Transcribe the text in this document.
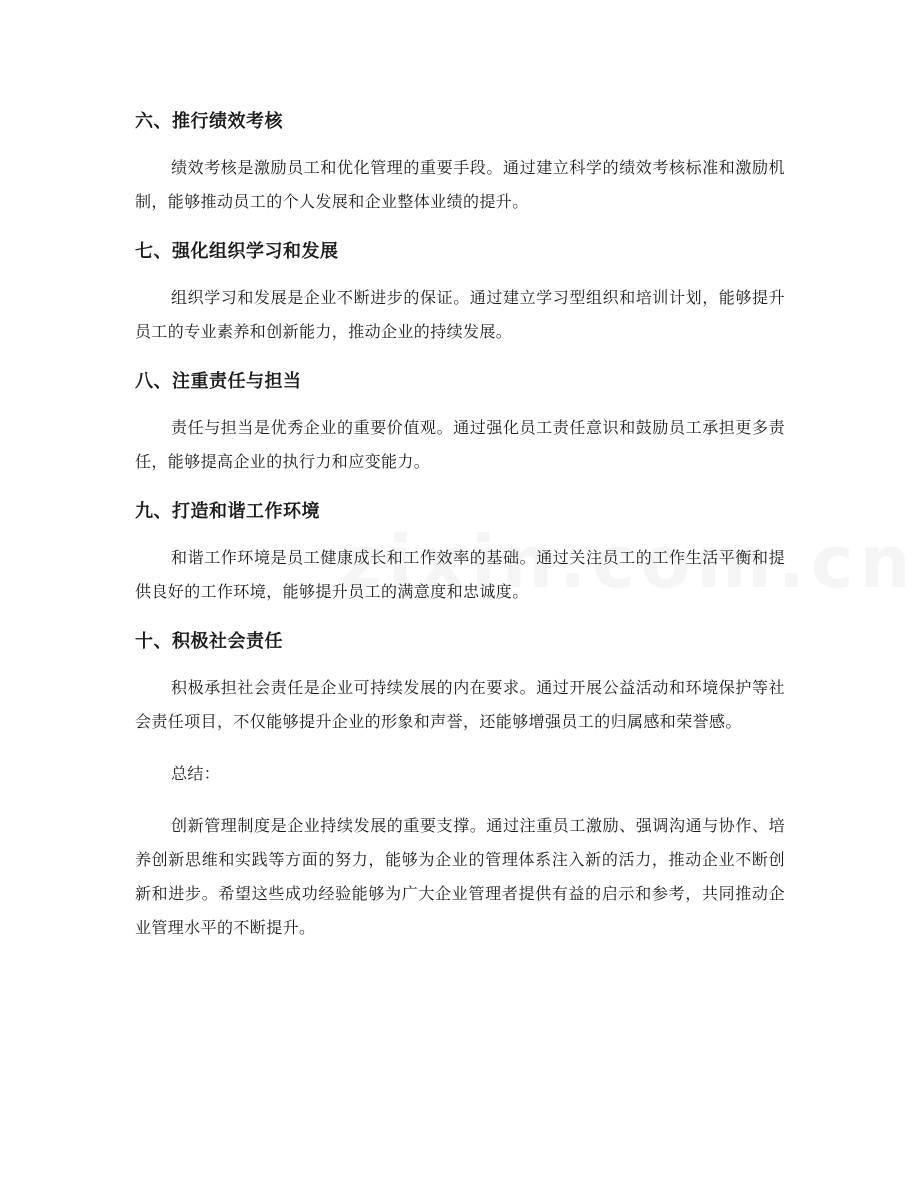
六、推行绩效考核

绩效考核是激励员工和优化管理的重要手段。通过建立科学的绩效考核标准和激励机制，能够推动员工的个人发展和企业整体业绩的提升。

七、强化组织学习和发展

组织学习和发展是企业不断进步的保证。通过建立学习型组织和培训计划，能够提升员工的专业素养和创新能力，推动企业的持续发展。

八、注重责任与担当

责任与担当是优秀企业的重要价值观。通过强化员工责任意识和鼓励员工承担更多责任，能够提高企业的执行力和应变能力。

九、打造和谐工作环境

和谐工作环境是员工健康成长和工作效率的基础。通过关注员工的工作生活平衡和提供良好的工作环境，能够提升员工的满意度和忠诚度。

十、积极社会责任

积极承担社会责任是企业可持续发展的内在要求。通过开展公益活动和环境保护等社会责任项目，不仅能够提升企业的形象和声誉，还能够增强员工的归属感和荣誉感。

总结：

创新管理制度是企业持续发展的重要支撑。通过注重员工激励、强调沟通与协作、培养创新思维和实践等方面的努力，能够为企业的管理体系注入新的活力，推动企业不断创新和进步。希望这些成功经验能够为广大企业管理者提供有益的启示和参考，共同推动企业管理水平的不断提升。
